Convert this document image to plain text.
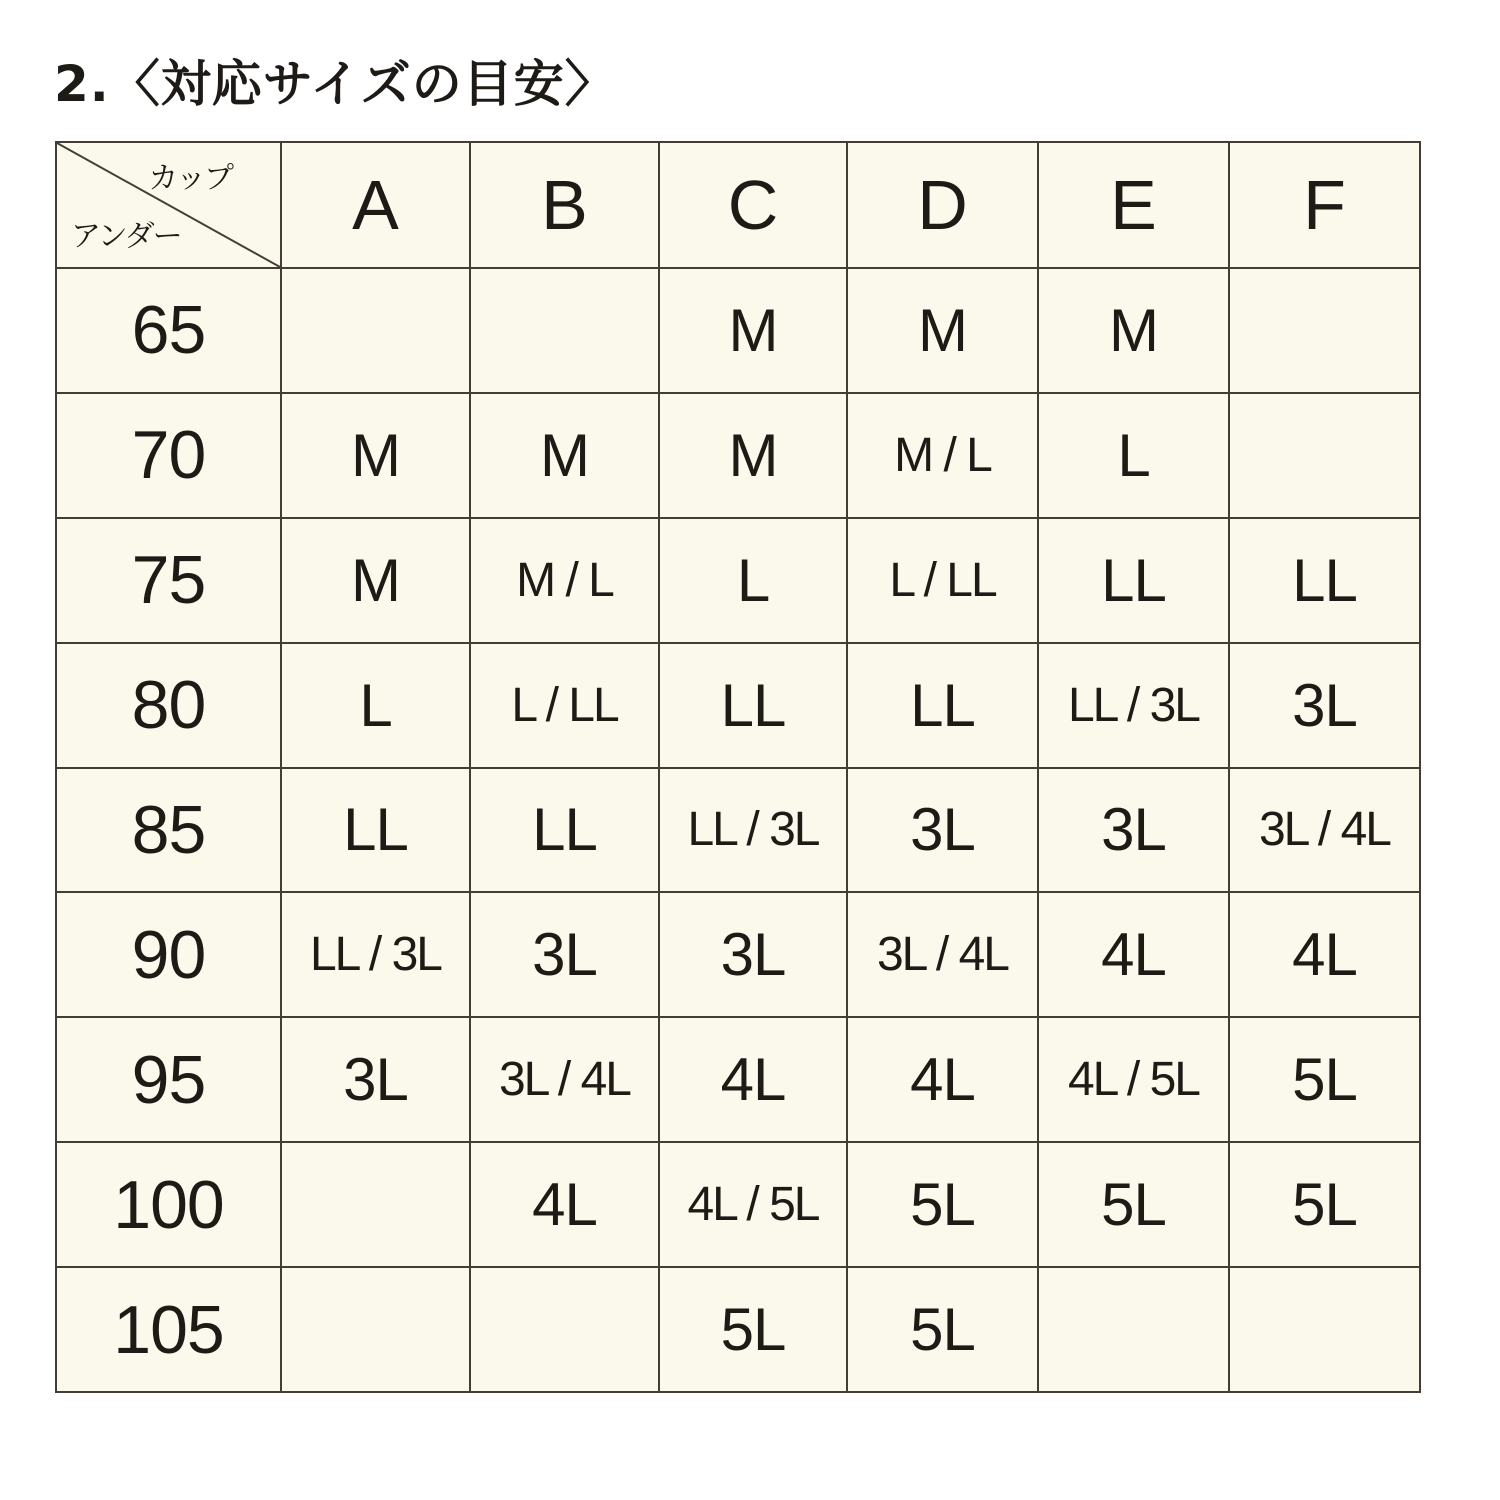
2.〈対応サイズの目安〉
カップ
アンダー	A	B	C	D	E	F
65			M	M	M	
70	M	M	M	M / L	L	
75	M	M / L	L	L / LL	LL	LL
80	L	L / LL	LL	LL	LL / 3L	3L
85	LL	LL	LL / 3L	3L	3L	3L / 4L
90	LL / 3L	3L	3L	3L / 4L	4L	4L
95	3L	3L / 4L	4L	4L	4L / 5L	5L
100		4L	4L / 5L	5L	5L	5L
105			5L	5L		
